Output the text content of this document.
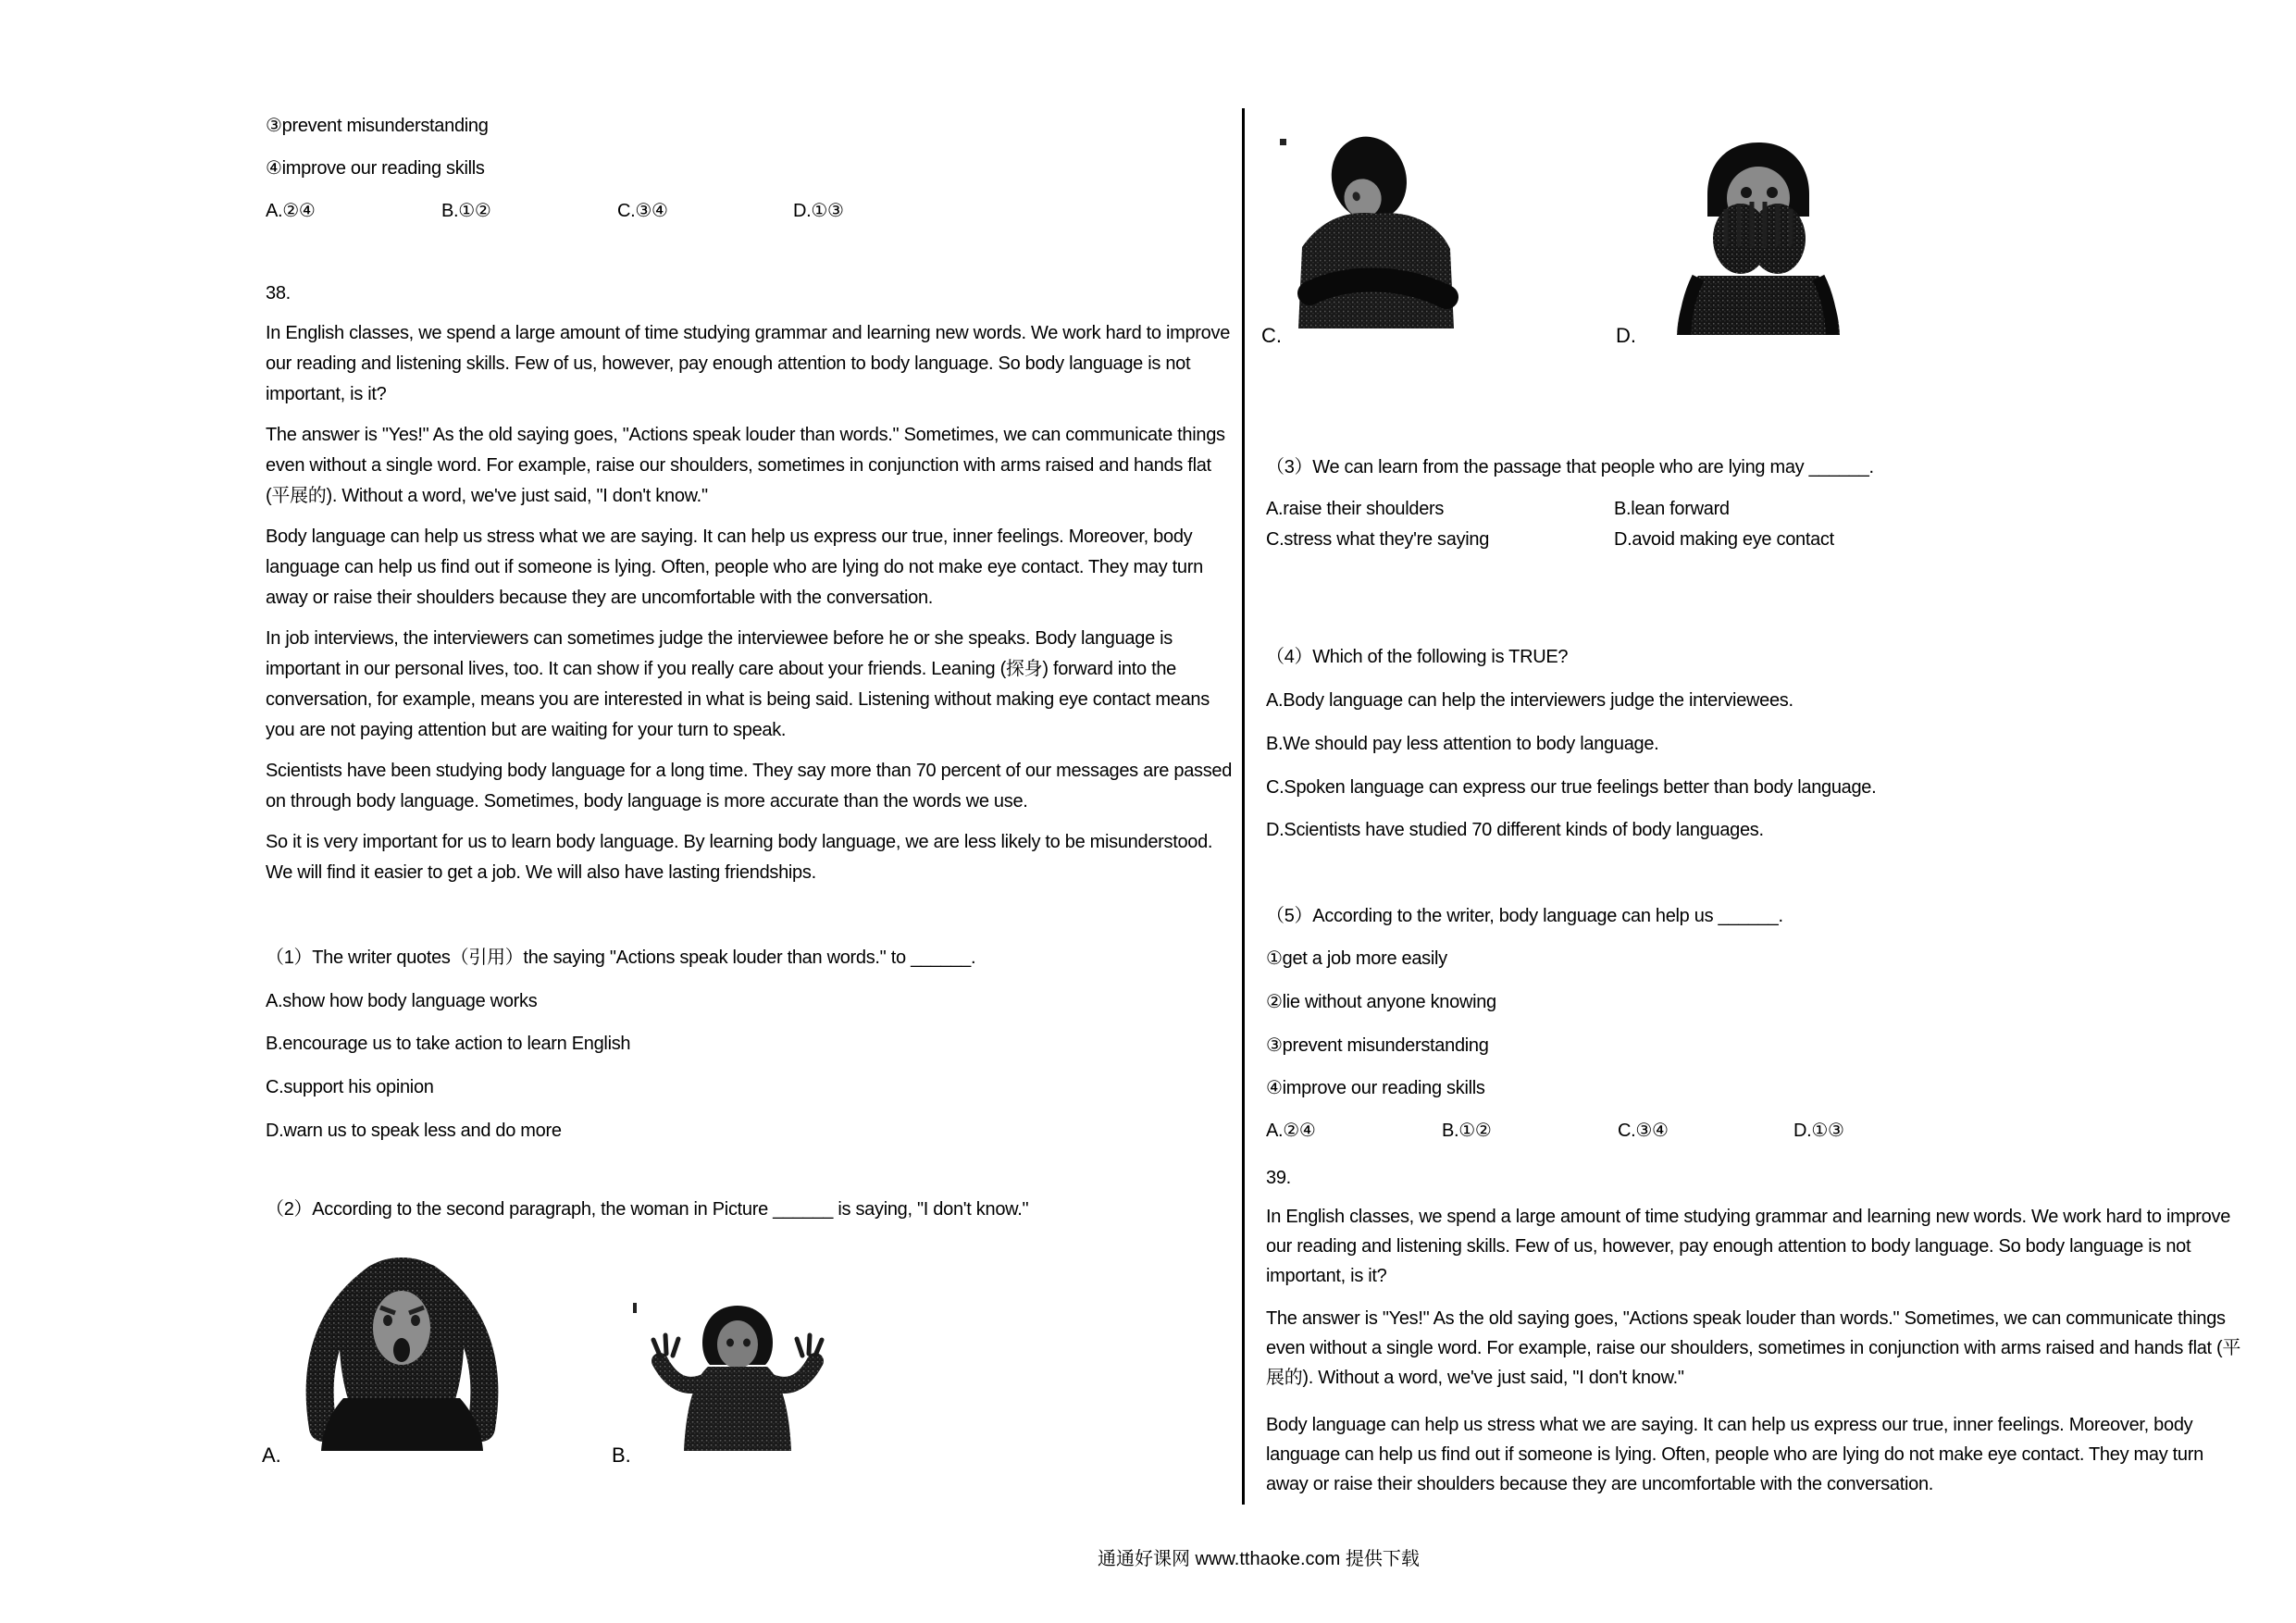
③prevent misunderstanding
④improve our reading skills
A.②④	B.①②	C.③④	D.①③
38.
In English classes, we spend a large amount of time studying grammar and learning new words. We work hard to improve our reading and listening skills. Few of us, however, pay enough attention to body language. So body language is not important, is it?
The answer is "Yes!" As the old saying goes, "Actions speak louder than words." Sometimes, we can communicate things even without a single word. For example, raise our shoulders, sometimes in conjunction with arms raised and hands flat (平展的). Without a word, we've just said, "I don't know."
Body language can help us stress what we are saying. It can help us express our true, inner feelings. Moreover, body language can help us find out if someone is lying. Often, people who are lying do not make eye contact. They may turn away or raise their shoulders because they are uncomfortable with the conversation.
In job interviews, the interviewers can sometimes judge the interviewee before he or she speaks. Body language is important in our personal lives, too. It can show if you really care about your friends. Leaning (探身) forward into the conversation, for example, means you are interested in what is being said. Listening without making eye contact means you are not paying attention but are waiting for your turn to speak.
Scientists have been studying body language for a long time. They say more than 70 percent of our messages are passed on through body language. Sometimes, body language is more accurate than the words we use.
So it is very important for us to learn body language. By learning body language, we are less likely to be misunderstood. We will find it easier to get a job. We will also have lasting friendships.
（1）The writer quotes（引用）the saying "Actions speak louder than words." to ______.
A.show how body language works
B.encourage us to take action to learn English
C.support his opinion
D.warn us to speak less and do more
（2）According to the second paragraph, the woman in Picture ______ is saying, "I don't know."
A.	B.
C.	D.
（3）We can learn from the passage that people who are lying may ______.
A.raise their shoulders	B.lean forward
C.stress what they're saying	D.avoid making eye contact
（4）Which of the following is TRUE?
A.Body language can help the interviewers judge the interviewees.
B.We should pay less attention to body language.
C.Spoken language can express our true feelings better than body language.
D.Scientists have studied 70 different kinds of body languages.
（5）According to the writer, body language can help us ______.
①get a job more easily
②lie without anyone knowing
③prevent misunderstanding
④improve our reading skills
A.②④	B.①②	C.③④	D.①③
39.
In English classes, we spend a large amount of time studying grammar and learning new words. We work hard to improve our reading and listening skills. Few of us, however, pay enough attention to body language. So body language is not important, is it?
The answer is "Yes!" As the old saying goes, "Actions speak louder than words." Sometimes, we can communicate things even without a single word. For example, raise our shoulders, sometimes in conjunction with arms raised and hands flat (平展的). Without a word, we've just said, "I don't know."
Body language can help us stress what we are saying. It can help us express our true, inner feelings. Moreover, body language can help us find out if someone is lying. Often, people who are lying do not make eye contact. They may turn away or raise their shoulders because they are uncomfortable with the conversation.
通通好课网 www.tthaoke.com 提供下载
